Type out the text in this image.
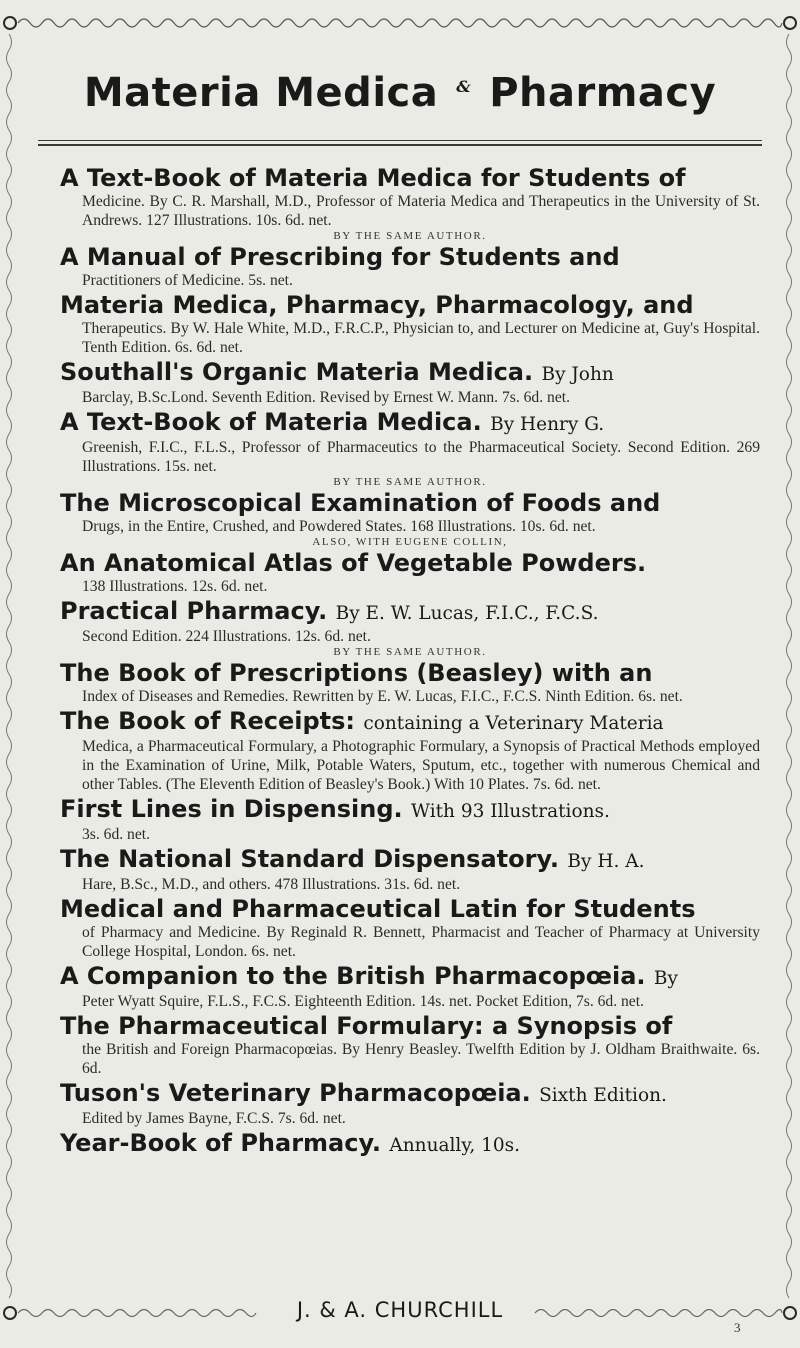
Materia Medica & Pharmacy
A Text-Book of Materia Medica for Students of
Medicine. By C. R. Marshall, M.D., Professor of Materia Medica and Therapeutics in the University of St. Andrews. 127 Illustrations. 10s. 6d. net.
BY THE SAME AUTHOR.
A Manual of Prescribing for Students and
Practitioners of Medicine. 5s. net.
Materia Medica, Pharmacy, Pharmacology, and
Therapeutics. By W. Hale White, M.D., F.R.C.P., Physician to, and Lecturer on Medicine at, Guy's Hospital. Tenth Edition. 6s. 6d. net.
Southall's Organic Materia Medica. By John
Barclay, B.Sc.Lond. Seventh Edition. Revised by Ernest W. Mann. 7s. 6d. net.
A Text-Book of Materia Medica. By Henry G.
Greenish, F.I.C., F.L.S., Professor of Pharmaceutics to the Pharmaceutical Society. Second Edition. 269 Illustrations. 15s. net.
BY THE SAME AUTHOR.
The Microscopical Examination of Foods and
Drugs, in the Entire, Crushed, and Powdered States. 168 Illustrations. 10s. 6d. net.
ALSO, WITH EUGENE COLLIN,
An Anatomical Atlas of Vegetable Powders.
138 Illustrations. 12s. 6d. net.
Practical Pharmacy. By E. W. Lucas, F.I.C., F.C.S.
Second Edition. 224 Illustrations. 12s. 6d. net.
BY THE SAME AUTHOR.
The Book of Prescriptions (Beasley) with an
Index of Diseases and Remedies. Rewritten by E. W. Lucas, F.I.C., F.C.S. Ninth Edition. 6s. net.
The Book of Receipts: containing a Veterinary Materia
Medica, a Pharmaceutical Formulary, a Photographic Formulary, a Synopsis of Practical Methods employed in the Examination of Urine, Milk, Potable Waters, Sputum, etc., together with numerous Chemical and other Tables. (The Eleventh Edition of Beasley's Book.) With 10 Plates. 7s. 6d. net.
First Lines in Dispensing. With 93 Illustrations.
3s. 6d. net.
The National Standard Dispensatory. By H. A.
Hare, B.Sc., M.D., and others. 478 Illustrations. 31s. 6d. net.
Medical and Pharmaceutical Latin for Students
of Pharmacy and Medicine. By Reginald R. Bennett, Pharmacist and Teacher of Pharmacy at University College Hospital, London. 6s. net.
A Companion to the British Pharmacopœia. By
Peter Wyatt Squire, F.L.S., F.C.S. Eighteenth Edition. 14s. net. Pocket Edition, 7s. 6d. net.
The Pharmaceutical Formulary: a Synopsis of
the British and Foreign Pharmacopœias. By Henry Beasley. Twelfth Edition by J. Oldham Braithwaite. 6s. 6d.
Tuson's Veterinary Pharmacopœia. Sixth Edition.
Edited by James Bayne, F.C.S. 7s. 6d. net.
Year-Book of Pharmacy. Annually, 10s.
J. & A. CHURCHILL
3
